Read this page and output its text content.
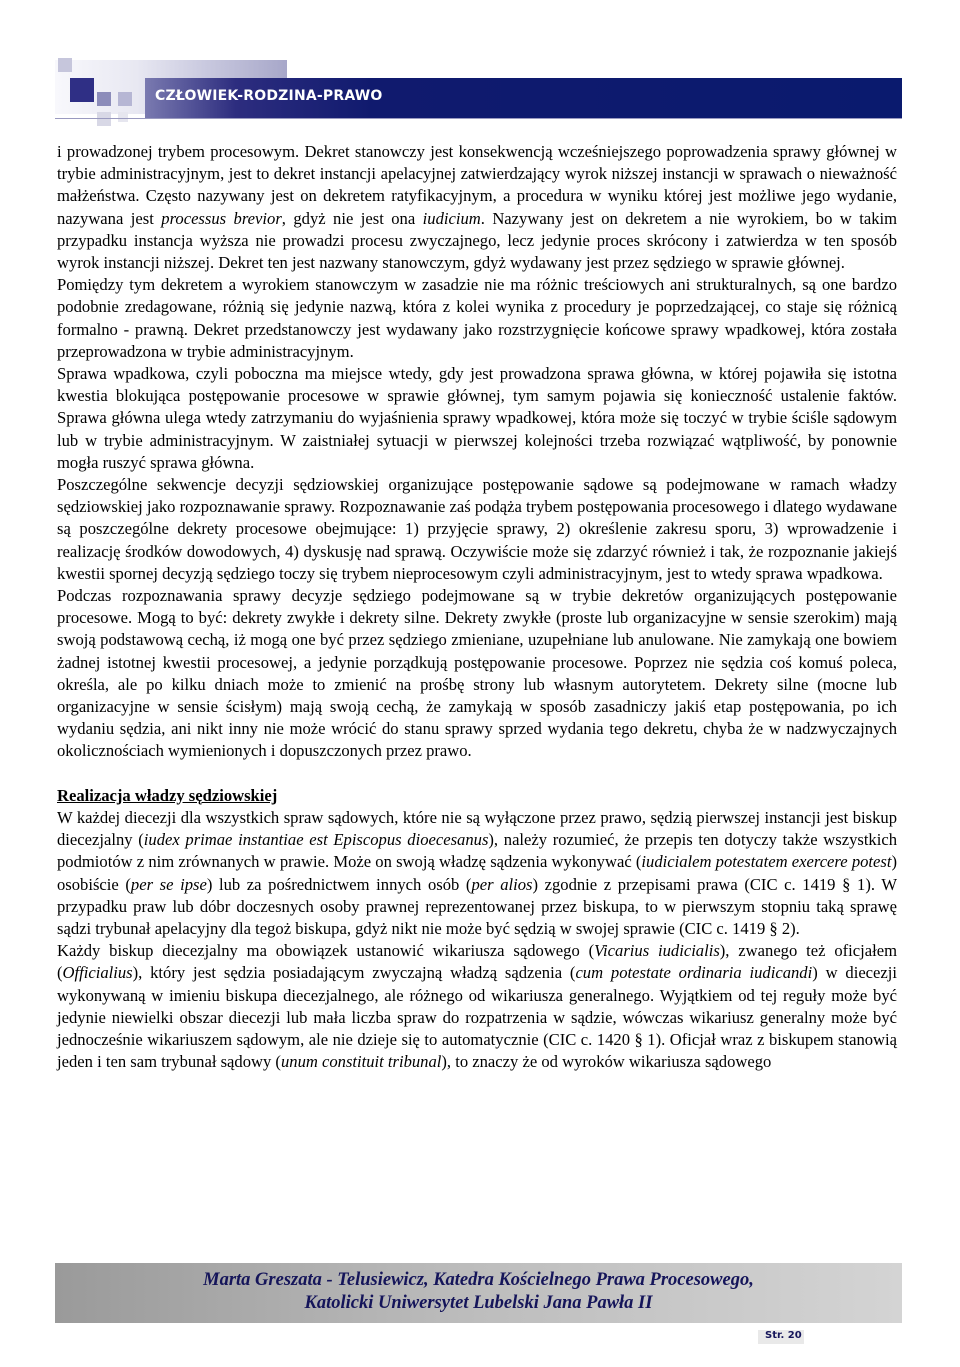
CZŁOWIEK-RODZINA-PRAWO

i prowadzonej trybem procesowym. Dekret stanowczy jest konsekwencją wcześniejszego poprowadzenia sprawy głównej w trybie administracyjnym, jest to dekret instancji apelacyjnej zatwierdzający wyrok niższej instancji w sprawach o nieważność małżeństwa. Często nazywany jest on dekretem ratyfikacyjnym, a procedura w wyniku której jest możliwe jego wydanie, nazywana jest processus brevior, gdyż nie jest ona iudicium. Nazywany jest on dekretem a nie wyrokiem, bo w takim przypadku instancja wyższa nie prowadzi procesu zwyczajnego, lecz jedynie proces skrócony i zatwierdza w ten sposób wyrok instancji niższej. Dekret ten jest nazwany stanowczym, gdyż wydawany jest przez sędziego w sprawie głównej.

Pomiędzy tym dekretem a wyrokiem stanowczym w zasadzie nie ma różnic treściowych ani strukturalnych, są one bardzo podobnie zredagowane, różnią się jedynie nazwą, która z kolei wynika z procedury je poprzedzającej, co staje się różnicą formalno - prawną. Dekret przedstanowczy jest wydawany jako rozstrzygnięcie końcowe sprawy wpadkowej, która została przeprowadzona w trybie administracyjnym.

Sprawa wpadkowa, czyli poboczna ma miejsce wtedy, gdy jest prowadzona sprawa główna, w której pojawiła się istotna kwestia blokująca postępowanie procesowe w sprawie głównej, tym samym pojawia się konieczność ustalenie faktów. Sprawa główna ulega wtedy zatrzymaniu do wyjaśnienia sprawy wpadkowej, która może się toczyć w trybie ściśle sądowym lub w trybie administracyjnym. W zaistniałej sytuacji w pierwszej kolejności trzeba rozwiązać wątpliwość, by ponownie mogła ruszyć sprawa główna.

Poszczególne sekwencje decyzji sędziowskiej organizujące postępowanie sądowe są podejmowane w ramach władzy sędziowskiej jako rozpoznawanie sprawy. Rozpoznawanie zaś podąża trybem postępowania procesowego i dlatego wydawane są poszczególne dekrety procesowe obejmujące: 1) przyjęcie sprawy, 2) określenie zakresu sporu, 3) wprowadzenie i realizację środków dowodowych, 4) dyskusję nad sprawą. Oczywiście może się zdarzyć również i tak, że rozpoznanie jakiejś kwestii spornej decyzją sędziego toczy się trybem nieprocesowym czyli administracyjnym, jest to wtedy sprawa wpadkowa.

Podczas rozpoznawania sprawy decyzje sędziego podejmowane są w trybie dekretów organizujących postępowanie procesowe. Mogą to być: dekrety zwykłe i dekrety silne. Dekrety zwykłe (proste lub organizacyjne w sensie szerokim) mają swoją podstawową cechą, iż mogą one być przez sędziego zmieniane, uzupełniane lub anulowane. Nie zamykają one bowiem żadnej istotnej kwestii procesowej, a jedynie porządkują postępowanie procesowe. Poprzez nie sędzia coś komuś poleca, określa, ale po kilku dniach może to zmienić na prośbę strony lub własnym autorytetem. Dekrety silne (mocne lub organizacyjne w sensie ścisłym) mają swoją cechą, że zamykają w sposób zasadniczy jakiś etap postępowania, po ich wydaniu sędzia, ani nikt inny nie może wrócić do stanu sprawy sprzed wydania tego dekretu, chyba że w nadzwyczajnych okolicznościach wymienionych i dopuszczonych przez prawo.

Realizacja władzy sędziowskiej

W każdej diecezji dla wszystkich spraw sądowych, które nie są wyłączone przez prawo, sędzią pierwszej instancji jest biskup diecezjalny (iudex primae instantiae est Episcopus dioecesanus), należy rozumieć, że przepis ten dotyczy także wszystkich podmiotów z nim zrównanych w prawie. Może on swoją władzę sądzenia wykonywać (iudicialem potestatem exercere potest) osobiście (per se ipse) lub za pośrednictwem innych osób (per alios) zgodnie z przepisami prawa (CIC c. 1419 § 1). W przypadku praw lub dóbr doczesnych osoby prawnej reprezentowanej przez biskupa, to w pierwszym stopniu taką sprawę sądzi trybunał apelacyjny dla tegoż biskupa, gdyż nikt nie może być sędzią w swojej sprawie (CIC c. 1419 § 2).

Każdy biskup diecezjalny ma obowiązek ustanowić wikariusza sądowego (Vicarius iudicialis), zwanego też oficjałem (Officialius), który jest sędzia posiadającym zwyczajną władzą sądzenia (cum potestate ordinaria iudicandi) w diecezji wykonywaną w imieniu biskupa diecezjalnego, ale różnego od wikariusza generalnego. Wyjątkiem od tej reguły może być jedynie niewielki obszar diecezji lub mała liczba spraw do rozpatrzenia w sądzie, wówczas wikariusz generalny może być jednocześnie wikariuszem sądowym, ale nie dzieje się to automatycznie (CIC c. 1420 § 1). Oficjał wraz z biskupem stanowią jeden i ten sam trybunał sądowy (unum constituit tribunal), to znaczy że od wyroków wikariusza sądowego

Marta Greszata - Telusiewicz, Katedra Kościelnego Prawa Procesowego,
Katolicki Uniwersytet Lubelski Jana Pawła II
Str. 20
